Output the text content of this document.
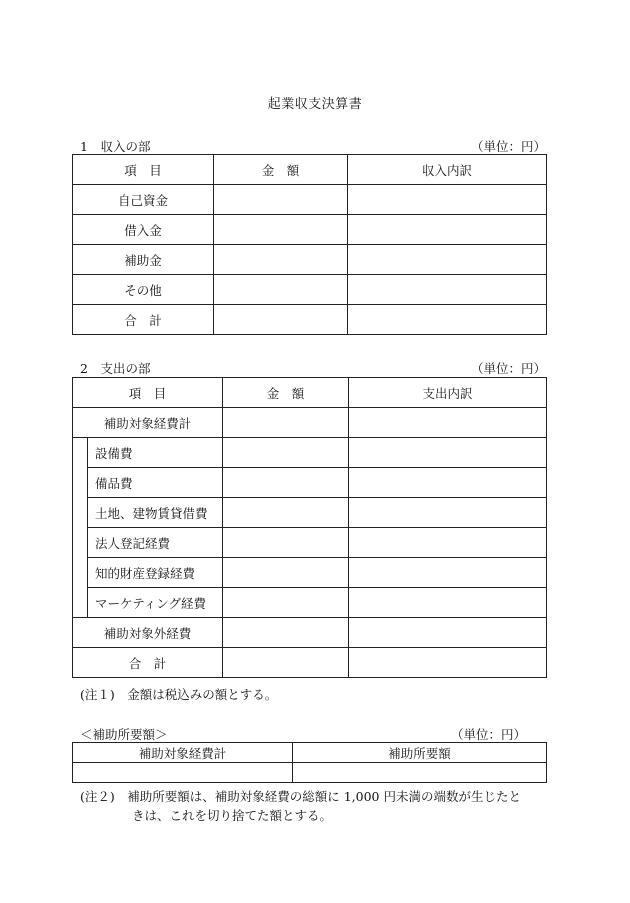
起業収支決算書
1　収入の部	（単位：円）
項　目	金　額	収入内訳
自己資金		
借入金		
補助金		
その他		
合　計		
2　支出の部	（単位：円）
項　目		金　額	支出内訳
補助対象経費計			
	設備費		
	備品費		
	土地、建物賃貸借費		
	法人登記経費		
	知的財産登録経費		
	マーケティング経費		
補助対象外経費			
合　計			
(注１)　金額は税込みの額とする。
＜補助所要額＞	（単位：円）
補助対象経費計	補助所要額

(注２)　補助所要額は、補助対象経費の総額に 1,000 円未満の端数が生じたと
きは、これを切り捨てた額とする。
